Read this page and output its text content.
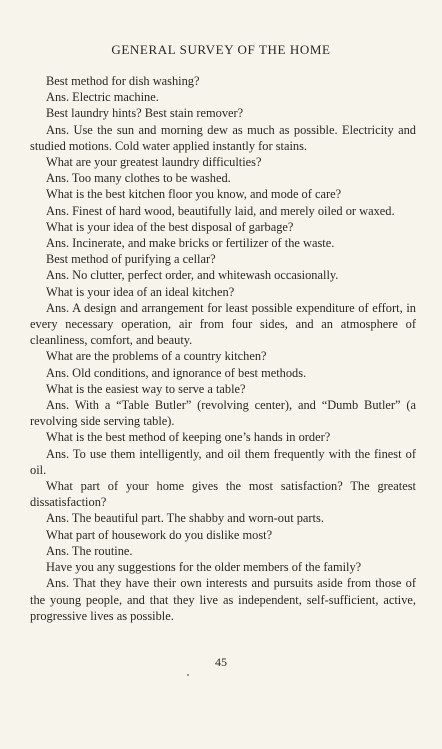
GENERAL SURVEY OF THE HOME

Best method for dish washing?

Ans. Electric machine.

Best laundry hints? Best stain remover?

Ans. Use the sun and morning dew as much as possible. Electricity and studied motions. Cold water applied instantly for stains.

What are your greatest laundry difficulties?

Ans. Too many clothes to be washed.

What is the best kitchen floor you know, and mode of care?

Ans. Finest of hard wood, beautifully laid, and merely oiled or waxed.

What is your idea of the best disposal of garbage?

Ans. Incinerate, and make bricks or fertilizer of the waste.

Best method of purifying a cellar?

Ans. No clutter, perfect order, and whitewash occasionally.

What is your idea of an ideal kitchen?

Ans. A design and arrangement for least possible expenditure of effort, in every necessary operation, air from four sides, and an atmosphere of cleanliness, comfort, and beauty.

What are the problems of a country kitchen?

Ans. Old conditions, and ignorance of best methods.

What is the easiest way to serve a table?

Ans. With a “Table Butler” (revolving center), and “Dumb Butler” (a revolving side serving table).

What is the best method of keeping one’s hands in order?

Ans. To use them intelligently, and oil them frequently with the finest of oil.

What part of your home gives the most satisfaction? The greatest dissatisfaction?

Ans. The beautiful part. The shabby and worn-out parts.

What part of housework do you dislike most?

Ans. The routine.

Have you any suggestions for the older members of the family?

Ans. That they have their own interests and pursuits aside from those of the young people, and that they live as independent, self-sufficient, active, progressive lives as possible.

45
